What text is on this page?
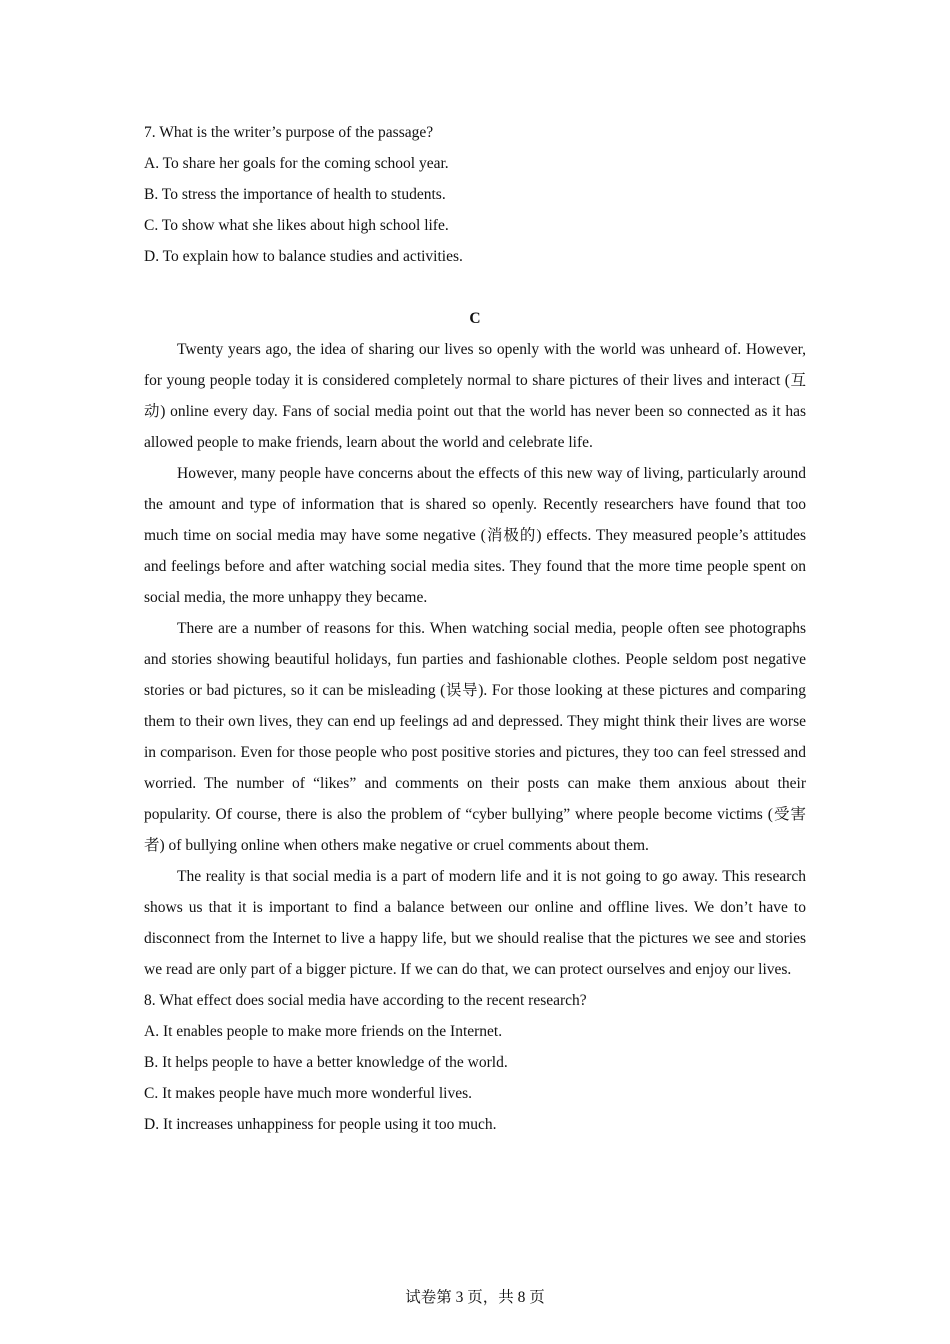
7. What is the writer’s purpose of the passage?

A. To share her goals for the coming school year.

B. To stress the importance of health to students.

C. To show what she likes about high school life.

D. To explain how to balance studies and activities.

C

Twenty years ago, the idea of sharing our lives so openly with the world was unheard of. However, for young people today it is considered completely normal to share pictures of their lives and interact (互动) online every day. Fans of social media point out that the world has never been so connected as it has allowed people to make friends, learn about the world and celebrate life.

However, many people have concerns about the effects of this new way of living, particularly around the amount and type of information that is shared so openly. Recently researchers have found that too much time on social media may have some negative (消极的) effects. They measured people’s attitudes and feelings before and after watching social media sites. They found that the more time people spent on social media, the more unhappy they became.

There are a number of reasons for this. When watching social media, people often see photographs and stories showing beautiful holidays, fun parties and fashionable clothes. People seldom post negative stories or bad pictures, so it can be misleading (误导). For those looking at these pictures and comparing them to their own lives, they can end up feelings ad and depressed. They might think their lives are worse in comparison. Even for those people who post positive stories and pictures, they too can feel stressed and worried. The number of “likes” and comments on their posts can make them anxious about their popularity. Of course, there is also the problem of “cyber bullying” where people become victims (受害者) of bullying online when others make negative or cruel comments about them.

The reality is that social media is a part of modern life and it is not going to go away. This research shows us that it is important to find a balance between our online and offline lives. We don’t have to disconnect from the Internet to live a happy life, but we should realise that the pictures we see and stories we read are only part of a bigger picture. If we can do that, we can protect ourselves and enjoy our lives.

8. What effect does social media have according to the recent research?

A. It enables people to make more friends on the Internet.

B. It helps people to have a better knowledge of the world.

C. It makes people have much more wonderful lives.

D. It increases unhappiness for people using it too much.

试卷第 3 页，共 8 页
